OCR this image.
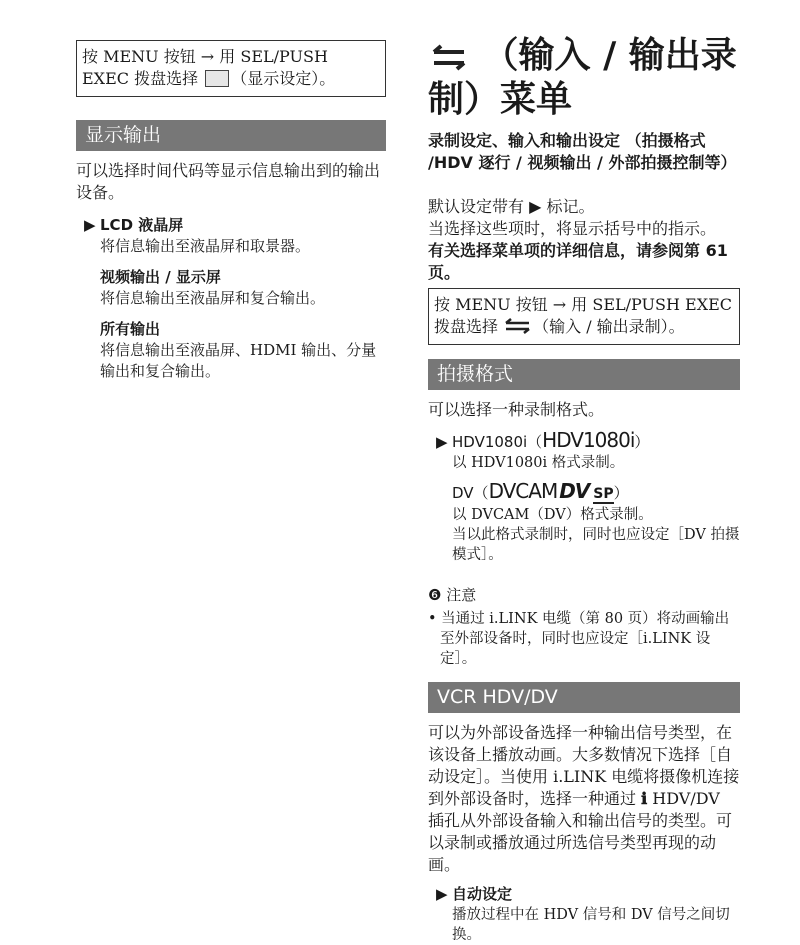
按 MENU 按钮 → 用 SEL/PUSH EXEC 拨盘选择 （显示设定）。
显示输出
可以选择时间代码等显示信息输出到的输出设备。
▶ LCD 液晶屏
将信息输出至液晶屏和取景器。
视频输出 / 显示屏
将信息输出至液晶屏和复合输出。
所有输出
将信息输出至液晶屏、HDMI 输出、分量输出和复合输出。
（输入 / 输出录制）菜单
录制设定、输入和输出设定 （拍摄格式 /HDV 逐行 / 视频输出 / 外部拍摄控制等）
默认设定带有 ▶ 标记。
当选择这些项时，将显示括号中的指示。
有关选择菜单项的详细信息，请参阅第 61 页。
按 MENU 按钮 → 用 SEL/PUSH EXEC 拨盘选择 （输入 / 输出录制）。
拍摄格式
可以选择一种录制格式。
▶ HDV1080i（HDV1080i）
以 HDV1080i 格式录制。
DV（DVCAM DV SP）
以 DVCAM（DV）格式录制。
当以此格式录制时，同时也应设定［DV 拍摄模式］。
❻ 注意
• 当通过 i.LINK 电缆（第 80 页）将动画输出至外部设备时，同时也应设定［i.LINK 设定］。
VCR HDV/DV
可以为外部设备选择一种输出信号类型，在该设备上播放动画。大多数情况下选择［自动设定］。当使用 i.LINK 电缆将摄像机连接到外部设备时，选择一种通过 ℹ HDV/DV 插孔从外部设备输入和输出信号的类型。可以录制或播放通过所选信号类型再现的动画。
▶ 自动设定
播放过程中在 HDV 信号和 DV 信号之间切换。
